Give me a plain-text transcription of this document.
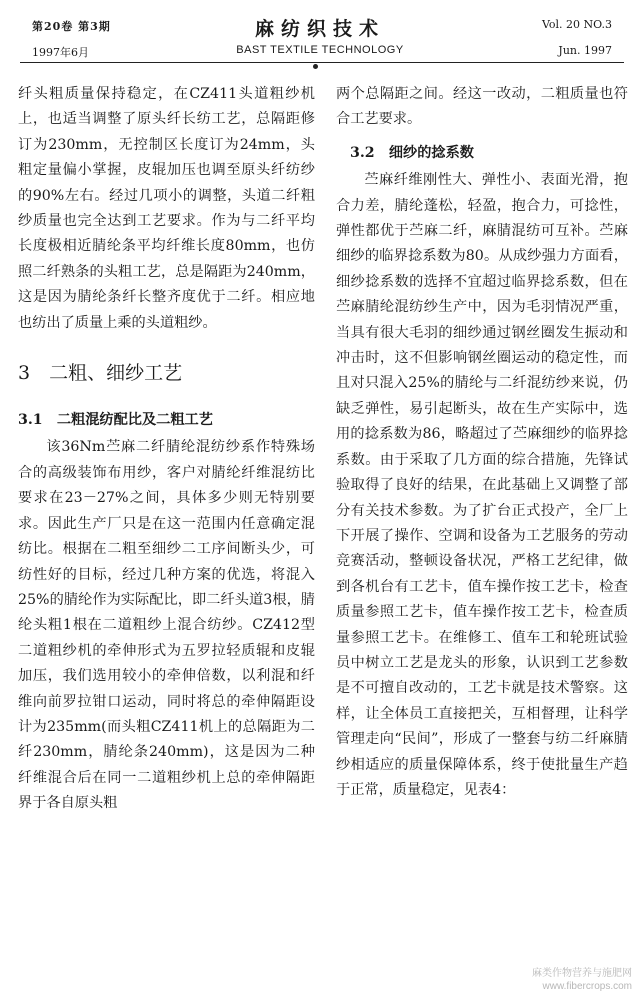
第20卷 第3期
1997年6月
麻纺织技术
BAST TEXTILE TECHNOLOGY
Vol. 20 NO.3
Jun. 1997

纤头粗质量保持稳定，在CZ411头道粗纱机上，也适当调整了原头纤长纺工艺，总隔距修订为230mm，无控制区长度订为24mm，头粗定量偏小掌握，皮辊加压也调至原头纤纺纱的90%左右。经过几项小的调整，头道二纤粗纱质量也完全达到工艺要求。作为与二纤平均长度极相近腈纶条平均纤维长度80mm，也仿照二纤熟条的头粗工艺，总是隔距为240mm，这是因为腈纶条纤长整齐度优于二纤。相应地也纺出了质量上乘的头道粗纱。

3　二粗、细纱工艺
3.1　二粗混纺配比及二粗工艺

该36Nm苎麻二纤腈纶混纺纱系作特殊场合的高级装饰布用纱，客户对腈纶纤维混纺比要求在23－27%之间，具体多少则无特别要求。因此生产厂只是在这一范围内任意确定混纺比。根据在二粗至细纱二工序间断头少，可纺性好的目标，经过几种方案的优选，将混入25%的腈纶作为实际配比，即二纤头道3根，腈纶头粗1根在二道粗纱上混合纺纱。CZ412型二道粗纱机的牵伸形式为五罗拉轻质辊和皮辊加压，我们选用较小的牵伸倍数，以利混和纤维向前罗拉钳口运动，同时将总的牵伸隔距设计为235mm(而头粗CZ411机上的总隔距为二纤230mm，腈纶条240mm)，这是因为二种纤维混合后在同一二道粗纱机上总的牵伸隔距界于各自原头粗

两个总隔距之间。经这一改动，二粗质量也符合工艺要求。

3.2　细纱的捻系数

苎麻纤维刚性大、弹性小、表面光滑，抱合力差，腈纶蓬松，轻盈，抱合力，可捻性，弹性都优于苎麻二纤，麻腈混纺可互补。苎麻细纱的临界捻系数为80。从成纱强力方面看，细纱捻系数的选择不宜超过临界捻系数，但在苎麻腈纶混纺纱生产中，因为毛羽情况严重，当具有很大毛羽的细纱通过钢丝圈发生振动和冲击时，这不但影响钢丝圈运动的稳定性，而且对只混入25%的腈纶与二纤混纺纱来说，仍缺乏弹性，易引起断头，故在生产实际中，选用的捻系数为86，略超过了苎麻细纱的临界捻系数。由于采取了几方面的综合措施，先锋试验取得了良好的结果，在此基础上又调整了部分有关技术参数。为了扩台正式投产，全厂上下开展了操作、空调和设备为工艺服务的劳动竞赛活动，整顿设备状况，严格工艺纪律，做到各机台有工艺卡，值车操作按工艺卡，检查质量参照工艺卡，值车操作按工艺卡，检查质量参照工艺卡。在维修工、值车工和轮班试验员中树立工艺是龙头的形象，认识到工艺参数是不可擅自改动的，工艺卡就是技术警察。这样，让全体员工直接把关，互相督理，让科学管理走向“民间”，形成了一整套与纺二纤麻腈纱相适应的质量保障体系，终于使批量生产趋于正常，质量稳定，见表4：

麻类作物营养与施肥网
www.fibercrops.com
